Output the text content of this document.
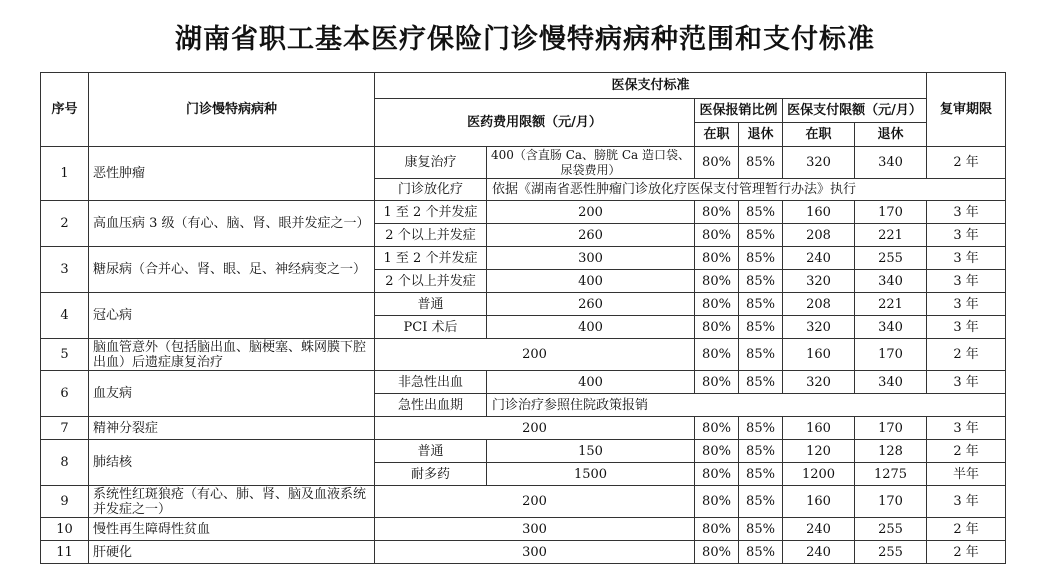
湖南省职工基本医疗保险门诊慢特病病种范围和支付标准
序号	门诊慢特病病种	医保支付标准						复审期限
		医药费用限额（元/月）		医保报销比例		医保支付限额（元/月）		
				在职	退休	在职	退休	
1	恶性肿瘤	康复治疗	400（含直肠 Ca、膀胱 Ca 造口袋、尿袋费用）	80%	85%	320	340	2 年
		门诊放化疗	依据《湖南省恶性肿瘤门诊放化疗医保支付管理暂行办法》执行					
2	高血压病 3 级（有心、脑、肾、眼并发症之一）	1 至 2 个并发症	200	80%	85%	160	170	3 年
		2 个以上并发症	260	80%	85%	208	221	3 年
3	糖尿病（合并心、肾、眼、足、神经病变之一）	1 至 2 个并发症	300	80%	85%	240	255	3 年
		2 个以上并发症	400	80%	85%	320	340	3 年
4	冠心病	普通	260	80%	85%	208	221	3 年
		PCI 术后	400	80%	85%	320	340	3 年
5	脑血管意外（包括脑出血、脑梗塞、蛛网膜下腔出血）后遗症康复治疗	200		80%	85%	160	170	2 年
6	血友病	非急性出血	400	80%	85%	320	340	3 年
		急性出血期	门诊治疗参照住院政策报销					
7	精神分裂症	200		80%	85%	160	170	3 年
8	肺结核	普通	150	80%	85%	120	128	2 年
		耐多药	1500	80%	85%	1200	1275	半年
9	系统性红斑狼疮（有心、肺、肾、脑及血液系统并发症之一）	200		80%	85%	160	170	3 年
10	慢性再生障碍性贫血	300		80%	85%	240	255	2 年
11	肝硬化	300		80%	85%	240	255	2 年
